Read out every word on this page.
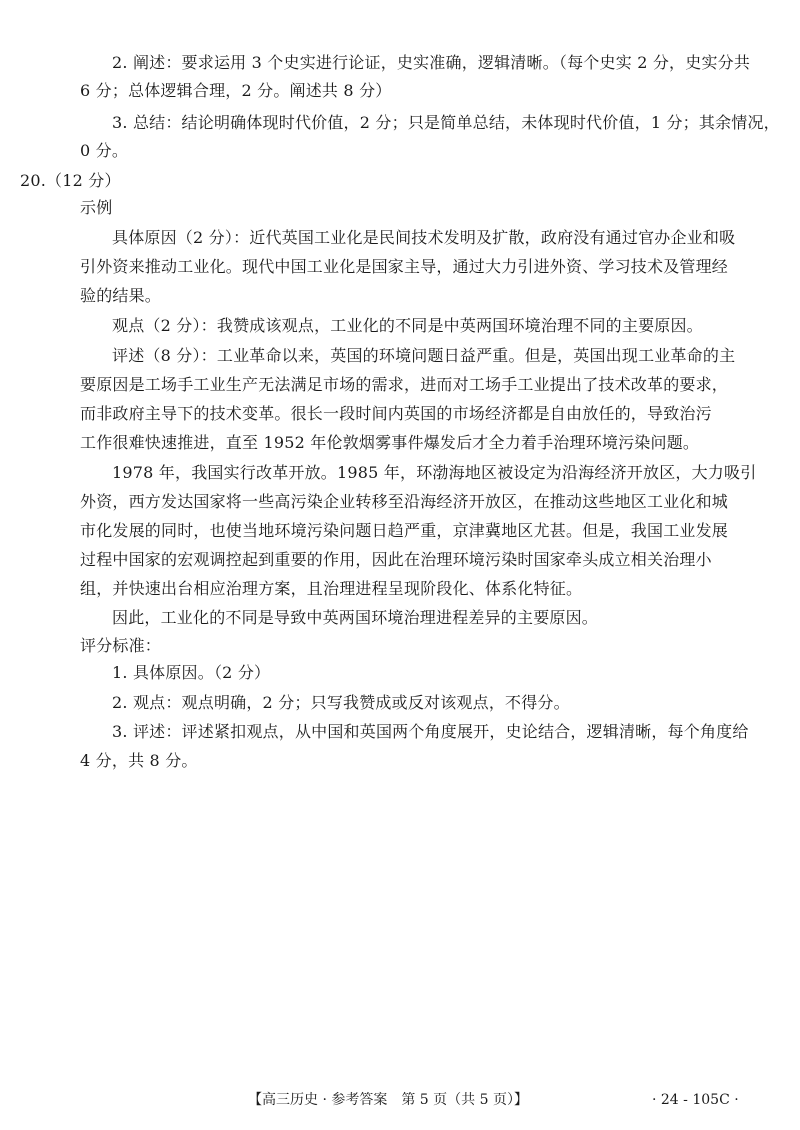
2. 阐述：要求运用 3 个史实进行论证，史实准确，逻辑清晰。（每个史实 2 分，史实分共
6 分；总体逻辑合理，2 分。阐述共 8 分）
3. 总结：结论明确体现时代价值，2 分；只是简单总结，未体现时代价值，1 分；其余情况，
0 分。
20.（12 分）
示例
具体原因（2 分）：近代英国工业化是民间技术发明及扩散，政府没有通过官办企业和吸
引外资来推动工业化。现代中国工业化是国家主导，通过大力引进外资、学习技术及管理经
验的结果。
观点（2 分）：我赞成该观点，工业化的不同是中英两国环境治理不同的主要原因。
评述（8 分）：工业革命以来，英国的环境问题日益严重。但是，英国出现工业革命的主
要原因是工场手工业生产无法满足市场的需求，进而对工场手工业提出了技术改革的要求，
而非政府主导下的技术变革。很长一段时间内英国的市场经济都是自由放任的，导致治污
工作很难快速推进，直至 1952 年伦敦烟雾事件爆发后才全力着手治理环境污染问题。
1978 年，我国实行改革开放。1985 年，环渤海地区被设定为沿海经济开放区，大力吸引
外资，西方发达国家将一些高污染企业转移至沿海经济开放区，在推动这些地区工业化和城
市化发展的同时，也使当地环境污染问题日趋严重，京津冀地区尤甚。但是，我国工业发展
过程中国家的宏观调控起到重要的作用，因此在治理环境污染时国家牵头成立相关治理小
组，并快速出台相应治理方案，且治理进程呈现阶段化、体系化特征。
因此，工业化的不同是导致中英两国环境治理进程差异的主要原因。
评分标准：
1. 具体原因。（2 分）
2. 观点：观点明确，2 分；只写我赞成或反对该观点，不得分。
3. 评述：评述紧扣观点，从中国和英国两个角度展开，史论结合，逻辑清晰，每个角度给
4 分，共 8 分。
【高三历史 · 参考答案　第 5 页（共 5 页）】	· 24 - 105C ·
